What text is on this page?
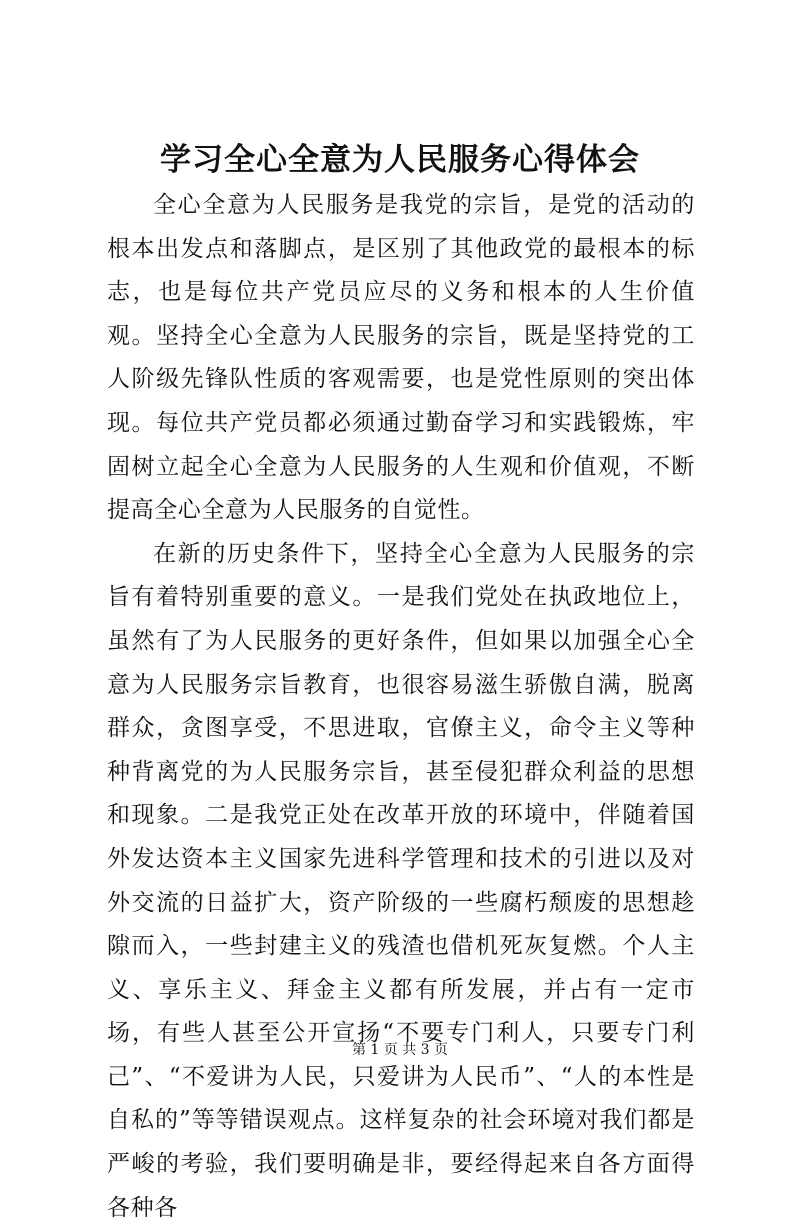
学习全心全意为人民服务心得体会

全心全意为人民服务是我党的宗旨，是党的活动的根本出发点和落脚点，是区别了其他政党的最根本的标志，也是每位共产党员应尽的义务和根本的人生价值观。坚持全心全意为人民服务的宗旨，既是坚持党的工人阶级先锋队性质的客观需要，也是党性原则的突出体现。每位共产党员都必须通过勤奋学习和实践锻炼，牢固树立起全心全意为人民服务的人生观和价值观，不断提高全心全意为人民服务的自觉性。

在新的历史条件下，坚持全心全意为人民服务的宗旨有着特别重要的意义。一是我们党处在执政地位上，虽然有了为人民服务的更好条件，但如果以加强全心全意为人民服务宗旨教育，也很容易滋生骄傲自满，脱离群众，贪图享受，不思进取，官僚主义，命令主义等种种背离党的为人民服务宗旨，甚至侵犯群众利益的思想和现象。二是我党正处在改革开放的环境中，伴随着国外发达资本主义国家先进科学管理和技术的引进以及对外交流的日益扩大，资产阶级的一些腐朽颓废的思想趁隙而入，一些封建主义的残渣也借机死灰复燃。个人主义、享乐主义、拜金主义都有所发展，并占有一定市场，有些人甚至公开宣扬“不要专门利人，只要专门利己”、“不爱讲为人民，只爱讲为人民币”、“人的本性是自私的”等等错误观点。这样复杂的社会环境对我们都是严峻的考验，我们要明确是非，要经得起来自各方面得各种各

第 1 页 共 3 页
